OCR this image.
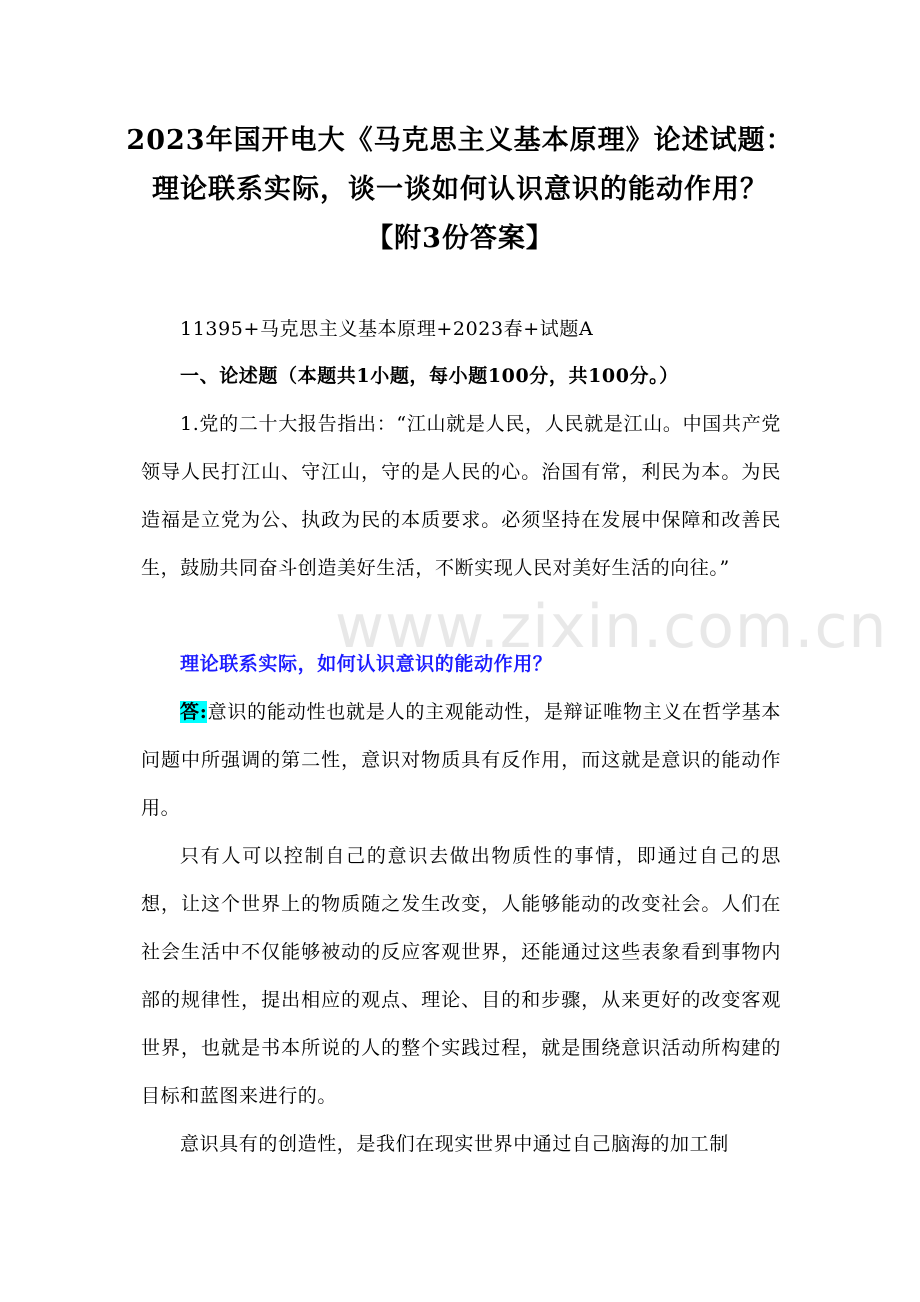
2023年国开电大《马克思主义基本原理》论述试题：
理论联系实际，谈一谈如何认识意识的能动作用？
【附3份答案】
11395+马克思主义基本原理+2023春+试题A
一、论述题（本题共1小题，每小题100分，共100分。）
1.党的二十大报告指出：“江山就是人民，人民就是江山。中国共产党领导人民打江山、守江山，守的是人民的心。治国有常，利民为本。为民造福是立党为公、执政为民的本质要求。必须坚持在发展中保障和改善民生，鼓励共同奋斗创造美好生活，不断实现人民对美好生活的向往。”
www.zixin.com.cn
理论联系实际，如何认识意识的能动作用？
答:意识的能动性也就是人的主观能动性，是辩证唯物主义在哲学基本问题中所强调的第二性，意识对物质具有反作用，而这就是意识的能动作用。
只有人可以控制自己的意识去做出物质性的事情，即通过自己的思想，让这个世界上的物质随之发生改变，人能够能动的改变社会。人们在社会生活中不仅能够被动的反应客观世界，还能通过这些表象看到事物内部的规律性，提出相应的观点、理论、目的和步骤，从来更好的改变客观世界，也就是书本所说的人的整个实践过程，就是围绕意识活动所构建的目标和蓝图来进行的。
意识具有的创造性，是我们在现实世界中通过自己脑海的加工制
